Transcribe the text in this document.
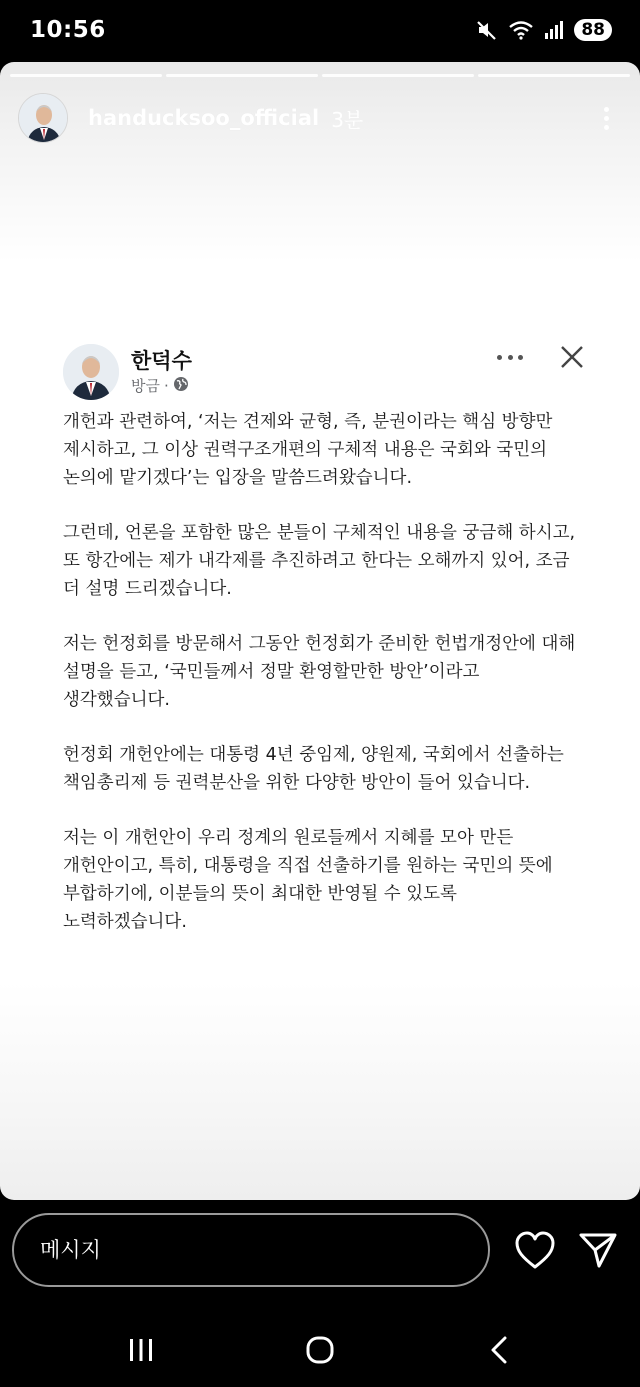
10:56	88
handucksoo_official 3분
한덕수
방금 ·

개헌과 관련하여, ‘저는 견제와 균형, 즉, 분권이라는 핵심 방향만 제시하고, 그 이상 권력구조개편의 구체적 내용은 국회와 국민의 논의에 맡기겠다’는 입장을 말씀드려왔습니다.

그런데, 언론을 포함한 많은 분들이 구체적인 내용을 궁금해 하시고, 또 항간에는 제가 내각제를 추진하려고 한다는 오해까지 있어, 조금 더 설명 드리겠습니다.

저는 헌정회를 방문해서 그동안 헌정회가 준비한 헌법개정안에 대해 설명을 듣고, ‘국민들께서 정말 환영할만한 방안’이라고 생각했습니다.

헌정회 개헌안에는 대통령 4년 중임제, 양원제, 국회에서 선출하는 책임총리제 등 권력분산을 위한 다양한 방안이 들어 있습니다.

저는 이 개헌안이 우리 정계의 원로들께서 지혜를 모아 만든 개헌안이고, 특히, 대통령을 직접 선출하기를 원하는 국민의 뜻에 부합하기에, 이분들의 뜻이 최대한 반영될 수 있도록 노력하겠습니다.

메시지
